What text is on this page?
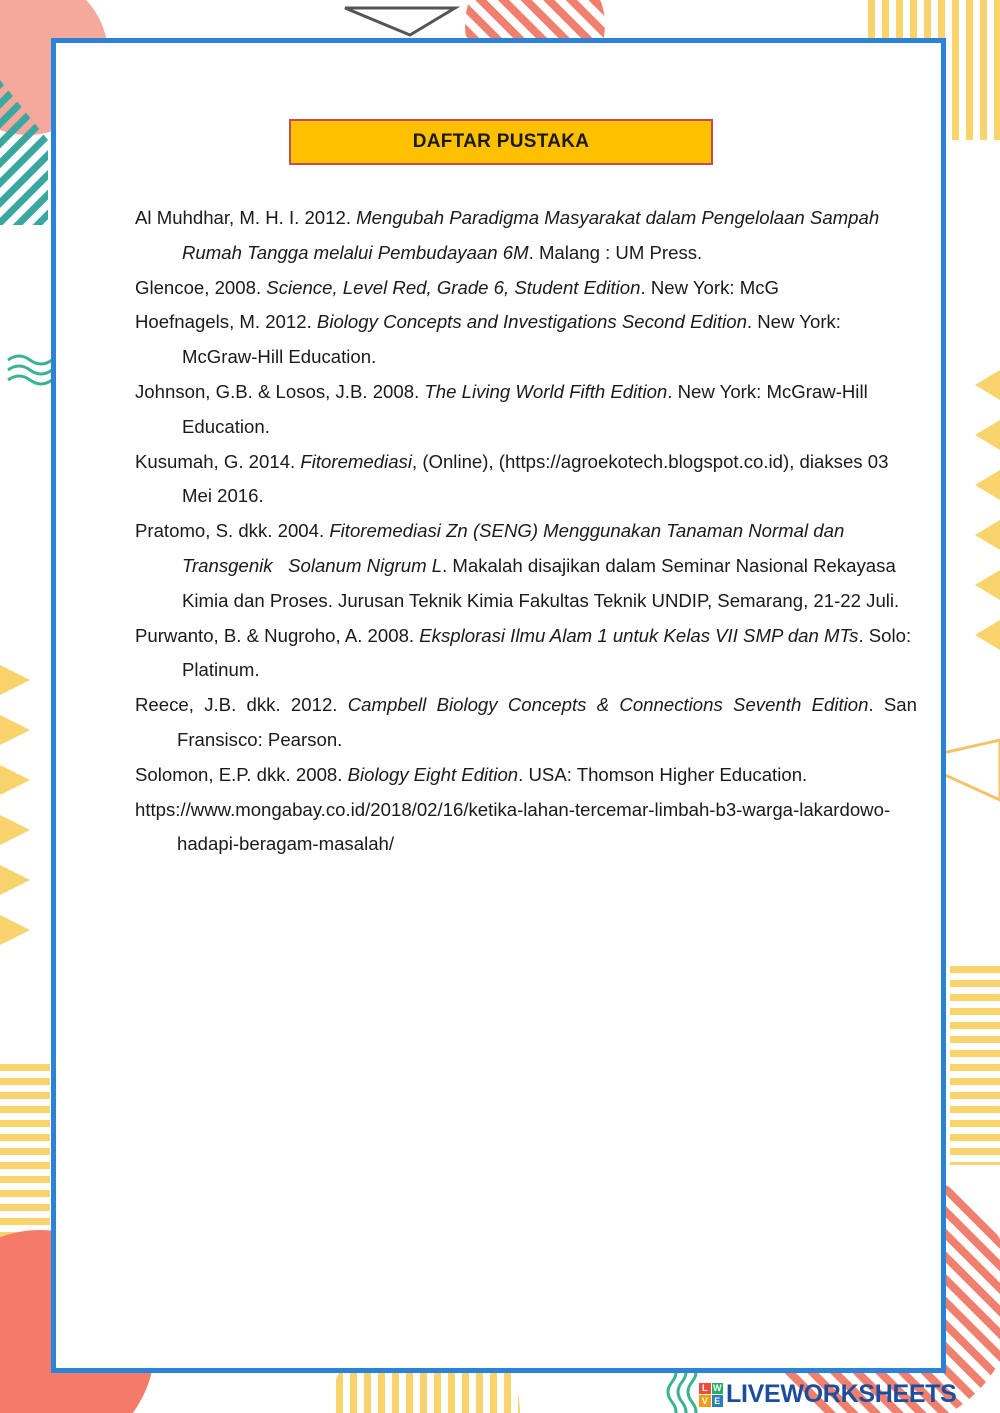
DAFTAR PUSTAKA

Al Muhdhar, M. H. I. 2012. Mengubah Paradigma Masyarakat dalam Pengelolaan Sampah Rumah Tangga melalui Pembudayaan 6M. Malang : UM Press.

Glencoe, 2008. Science, Level Red, Grade 6, Student Edition. New York: McG

Hoefnagels, M. 2012. Biology Concepts and Investigations Second Edition. New York: McGraw-Hill Education.

Johnson, G.B. & Losos, J.B. 2008. The Living World Fifth Edition. New York: McGraw-Hill Education.

Kusumah, G. 2014. Fitoremediasi, (Online), (https://agroekotech.blogspot.co.id), diakses 03 Mei 2016.

Pratomo, S. dkk. 2004. Fitoremediasi Zn (SENG) Menggunakan Tanaman Normal dan Transgenik   Solanum Nigrum L. Makalah disajikan dalam Seminar Nasional Rekayasa Kimia dan Proses. Jurusan Teknik Kimia Fakultas Teknik UNDIP, Semarang, 21-22 Juli.

Purwanto, B. & Nugroho, A. 2008. Eksplorasi Ilmu Alam 1 untuk Kelas VII SMP dan MTs. Solo: Platinum.

Reece, J.B. dkk. 2012. Campbell Biology Concepts & Connections Seventh Edition. San Fransisco: Pearson.

Solomon, E.P. dkk. 2008. Biology Eight Edition. USA: Thomson Higher Education.

https://www.mongabay.co.id/2018/02/16/ketika-lahan-tercemar-limbah-b3-warga-lakardowo-hadapi-beragam-masalah/

L W
V E LIVEWORKSHEETS
